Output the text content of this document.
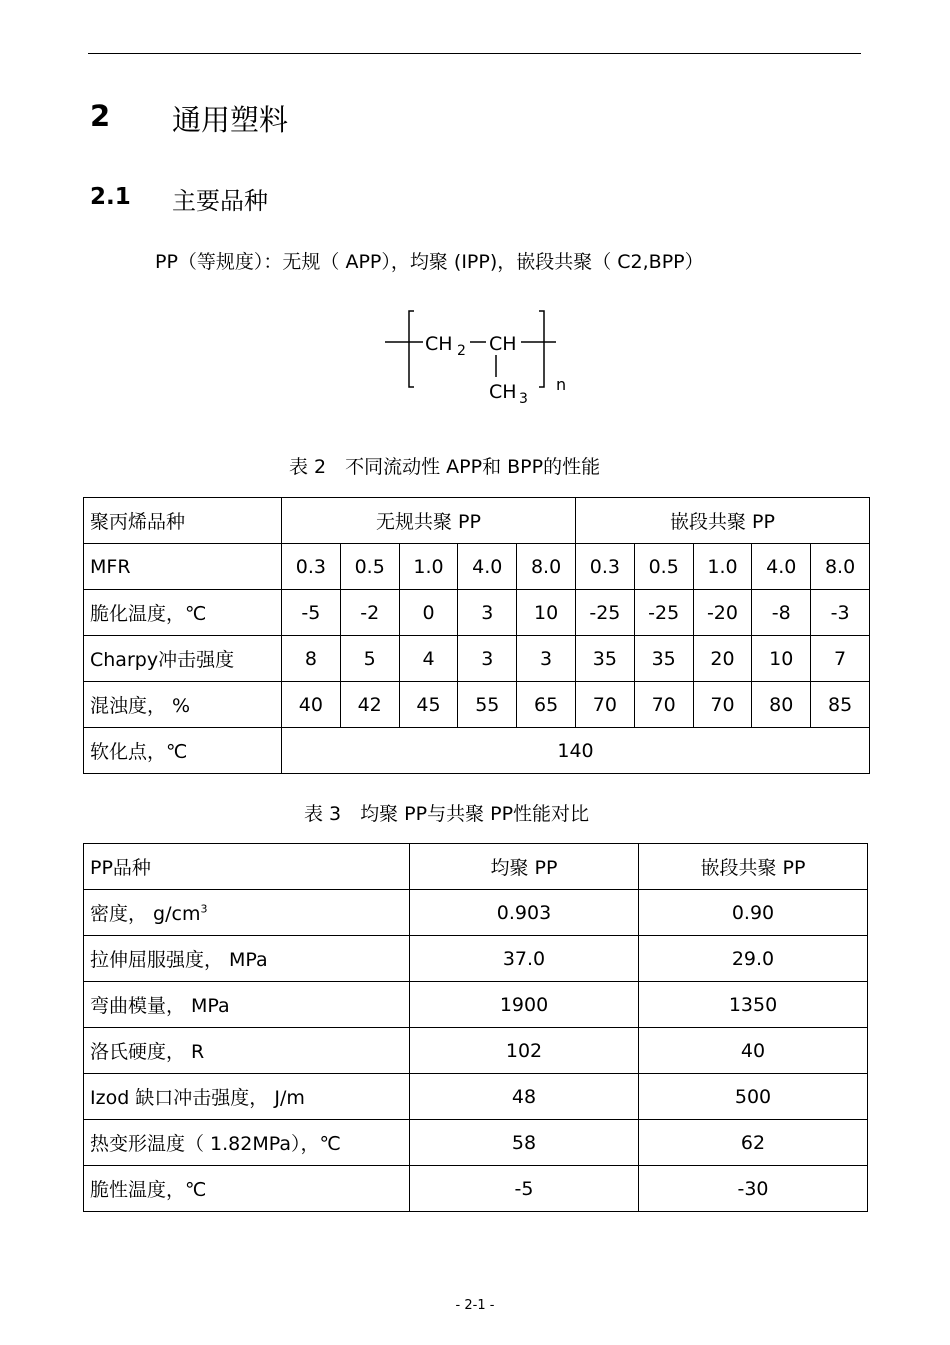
2 通用塑料
2.1 主要品种
PP（等规度）：无规（ APP），均聚 (IPP)，嵌段共聚（ C2,BPP）
CH 2 CH
CH 3
n
表 2　不同流动性 APP和 BPP的性能
聚丙烯品种	无规共聚 PP					嵌段共聚 PP				
MFR	0.3	0.5	1.0	4.0	8.0	0.3	0.5	1.0	4.0	8.0
脆化温度，℃	-5	-2	0	3	10	-25	-25	-20	-8	-3
Charpy冲击强度	8	5	4	3	3	35	35	20	10	7
混浊度， %	40	42	45	55	65	70	70	70	80	85
软化点，℃	140									
表 3　均聚 PP与共聚 PP性能对比
PP品种	均聚 PP	嵌段共聚 PP
密度， $g/cm^3$	0.903	0.90
拉伸屈服强度， MPa	37.0	29.0
弯曲模量， MPa	1900	1350
洛氏硬度， R	102	40
Izod 缺口冲击强度， J/m	48	500
热变形温度（ 1.82MPa），℃	58	62
脆性温度，℃	-5	-30
- 2-1 -
